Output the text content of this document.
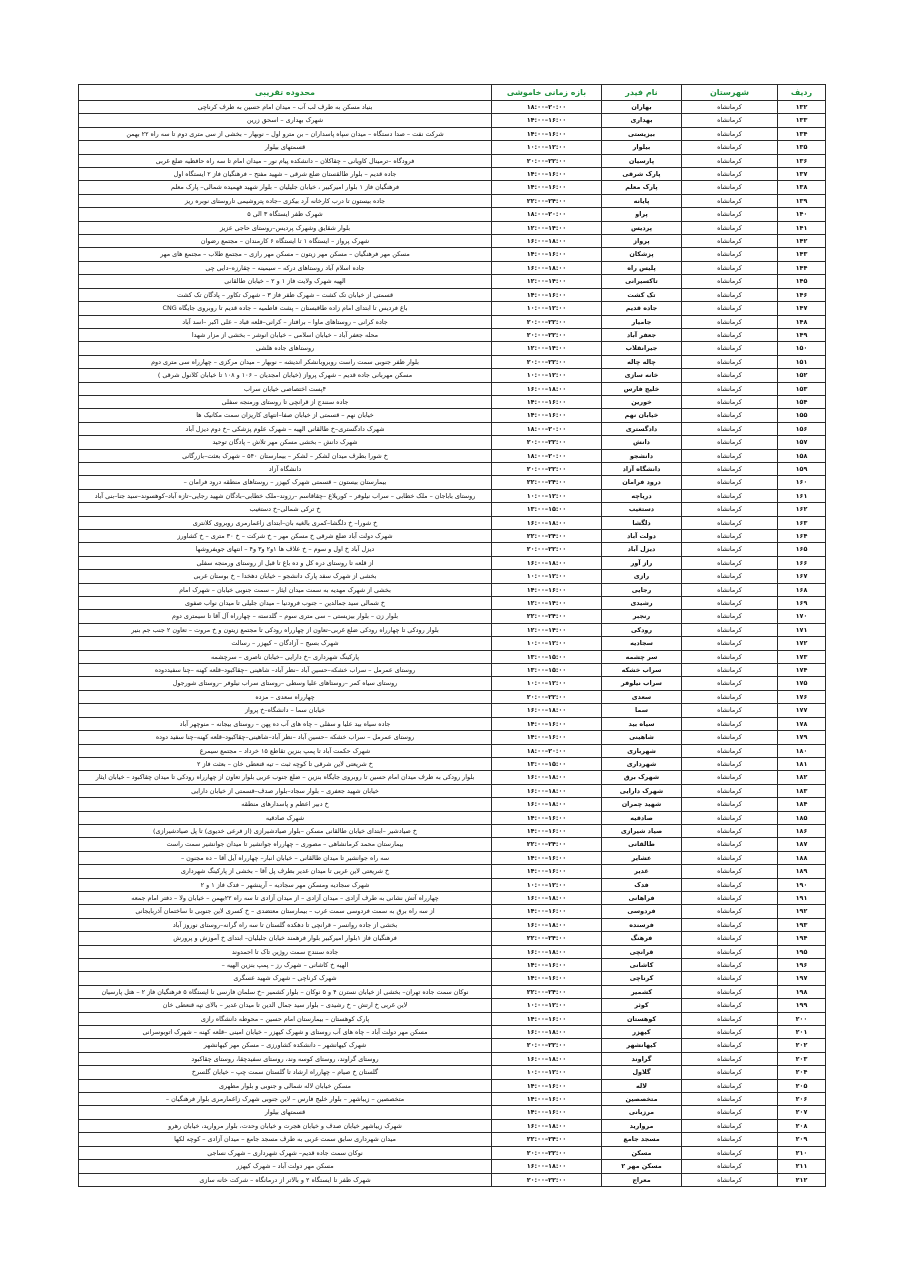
ردیف	شهرستان	نام فیدر	بازه زمانی خاموشی	محدوده تقریبی
۱۳۲	کرمانشاه	بهاران	۱۸:۰۰–۲۰:۰۰	بنیاد مسکن به طرف لب آب – میدان امام حسین به طرف کرناچی
۱۳۳	کرمانشاه	بهداری	۱۴:۰۰–۱۶:۰۰	شهرک بهداری – اسحق زرین
۱۳۴	کرمانشاه	بیزیستی	۱۴:۰۰–۱۶:۰۰	شرکت نفت – صدا دستگاه – میدان سپاه پاسداران – بن مترو اول – نوبهار – بخشی از سی متری دوم تا سه راه ۲۲ بهمن
۱۳۵	کرمانشاه	بیلوار	۱۰:۰۰–۱۲:۰۰	قسمتهای بیلوار
۱۳۶	کرمانشاه	پارسیان	۲۰:۰۰–۲۲:۰۰	فرودگاه –ترمینال کاویانی – چقاکلان – دانشکده پیام نور – میدان امام تا سه راه حافظیه ضلع غربی
۱۳۷	کرمانشاه	پارک شرقی	۱۴:۰۰–۱۶:۰۰	جاده قدیم – بلوار طالقستان ضلع شرقی – شهید مفتح – فرهنگیان فاز ۲ ایستگاه اول
۱۳۸	کرمانشاه	پارک معلم	۱۴:۰۰–۱۶:۰۰	فرهنگیان فاز ۱ بلوار امیرکبیر ، خیابان جلیلیان – بلوار شهید فهمیده شمالی– پارک معلم
۱۳۹	کرمانشاه	پایانه	۲۲:۰۰–۲۴:۰۰	جاده بیستون تا درب کارخانه آرد بیکزی –جاده پتروشیمی تاروستای نوبره ریز
۱۴۰	کرمانشاه	پراو	۱۸:۰۰–۲۰:۰۰	شهرک ظفر ایستگاه ۳ الی ۵
۱۴۱	کرمانشاه	پردیس	۱۲:۰۰–۱۴:۰۰	بلوار شقایق وشهرک پردیس–روستای حاجی عزیز
۱۴۲	کرمانشاه	پرواز	۱۶:۰۰–۱۸:۰۰	شهرک پرواز – ایستگاه ۱ تا ایستگاه ۶ کارمندان – مجتمع رضوان
۱۴۳	کرمانشاه	پزشکان	۱۴:۰۰–۱۶:۰۰	مسکن مهر فرهنگیان – مسکن مهر زیتون – مسکن مهر رازی – مجتمع طلاب – مجتمع های مهر
۱۴۴	کرمانشاه	پلیس راه	۱۶:۰۰–۱۸:۰۰	جاده اسلام آباد روستاهای درکه – سیمینه – چقارزه–دایی چی
۱۴۵	کرمانشاه	تاکسیرانی	۱۲:۰۰–۱۴:۰۰	الهیه شهرک ولایت فاز ۱ و ۲ – خیابان طالقانی
۱۴۶	کرمانشاه	تک کشت	۱۴:۰۰–۱۶:۰۰	قسمتی از خیابان تک کشت – شهرک ظفر فاز ۳ – شهرک تکاور – پادگان تک کشت
۱۴۷	کرمانشاه	جاده قدیم	۱۰:۰۰–۱۲:۰۰	باغ فردیس تا ابتدای امام زاده طاقبستان – پشت فاطمیه – جاده قدیم تا روبروی جایگاه CNG
۱۴۸	کرمانشاه	جامیار	۲۰:۰۰–۲۲:۰۰	جاده کرانی – روستاهای ماوا – برافتار – کرانی–قلعه قباد – علی اکبر –اسد آباد
۱۴۹	کرمانشاه	جعفر آباد	۲۰:۰۰–۲۲:۰۰	محله جعفر آباد – خیابان اسلامی – خیابان انوشر – بخشی از مزار شهدا
۱۵۰	کرمانشاه	جیرانقلاب	۱۲:۰۰–۱۴:۰۰	روستاهای جاده هلشی
۱۵۱	کرمانشاه	چاله چاله	۲۰:۰۰–۲۲:۰۰	بلوار ظفر جنوبی سمت راست روبروبانشکر اندیشه – نوبهار – میدان مرکزی – چهارراه سی متری دوم
۱۵۲	کرمانشاه	خانه سازی	۱۰:۰۰–۱۲:۰۰	مسکن مهربانی جاده قدیم – شهرک پرواز (خیابان امجدیان – ۱۰۶ و ۱۰۸ تا خیابان کلانول شرقی )
۱۵۳	کرمانشاه	خلیج فارس	۱۶:۰۰–۱۸:۰۰	۴پست اختصاصی خیابان سراب
۱۵۴	کرمانشاه	خورین	۱۴:۰۰–۱۶:۰۰	جاده سنندج از قرانچی تا روستای ورمنجه سفلی
۱۵۵	کرمانشاه	خیابان نهم	۱۴:۰۰–۱۶:۰۰	خیابان نهم – قسمتی از خیابان صفا–انتهای کاریزان سمت مکانیک ها
۱۵۶	کرمانشاه	دادگستری	۱۸:۰۰–۲۰:۰۰	شهرک دادگستری–خ طالقانی الهیه – شهرک علوم پزشکی –خ دوم دیزل آباد
۱۵۷	کرمانشاه	دانش	۲۰:۰۰–۲۲:۰۰	شهرک دانش – بخشی مسکن مهر تلاش – پادگان توحید
۱۵۸	کرمانشاه	دانشجو	۱۸:۰۰–۲۰:۰۰	خ شورا بطرف میدان لشکر – لشکر – بیمارستان ۵۴۰ – شهرک بعثت–بازرگانی
۱۵۹	کرمانشاه	دانشگاه آزاد	۲۰:۰۰–۲۲:۰۰	دانشگاه آزاد
۱۶۰	کرمانشاه	درود فرامان	۲۲:۰۰–۲۴:۰۰	بیمارستان بیستون – قسمتی شهرک کیهزر – روستاهای منطقه درود فرامان –
۱۶۱	کرمانشاه	دریاچه	۱۰:۰۰–۱۲:۰۰	روستای باباجان – ملک خطابی – سراب نیلوفر – کوریلاغ –چقاقاسم –رزوند–ملک خطابی–بادگان شهید رجایی–تازه آباد–کوهسوند–سید جنا–بنی آباد
۱۶۲	کرمانشاه	دستغیب	۱۳:۰۰–۱۵:۰۰	خ ترکی شمالی–خ دستغیب
۱۶۳	کرمانشاه	دلگشا	۱۶:۰۰–۱۸:۰۰	خ شورا– خ دلگشا–کمری بالغیه بان–ابتدای زاغمارمری روبروی کلانتری
۱۶۴	کرمانشاه	دولت آباد	۲۲:۰۰–۲۴:۰۰	شهرک دولت آباد ضلع شرقی خ مسکن مهر – خ شرکت – خ ۳۰ متری – خ کشاورز
۱۶۵	کرمانشاه	دیزل آباد	۲۰:۰۰–۲۲:۰۰	دیزل آباد خ اول و سوم – خ علاف ها ۱و۲ و۳ و۴ – انتهای جویفروشها
۱۶۶	کرمانشاه	راز آور	۱۶:۰۰–۱۸:۰۰	از قلعه تا روستای دره کل و ده باغ تا قبل از روستای ورمنجه سفلی
۱۶۷	کرمانشاه	رازی	۱۰:۰۰–۱۲:۰۰	بخشی از شهرک سفد پارک دانشجو – خیابان دهخدا – خ بوستان غربی
۱۶۸	کرمانشاه	رجایی	۱۴:۰۰–۱۶:۰۰	بخشی از شهرک مهدیه به سمت میدان ایثار – سمت جنوبی خیابان – شهرک امام
۱۶۹	کرمانشاه	رشیدی	۱۲:۰۰–۱۴:۰۰	خ شمالی سید جمالدین – جنوب فرودنیا – میدان جلیلی تا میدان نواب صفوی
۱۷۰	کرمانشاه	رنجبر	۲۲:۰۰–۲۴:۰۰	بلوار زن – بلوار بیزیستی – سی متری سوم – گلدسته – چهارراه آل آقا تا سیمتری دوم
۱۷۱	کرمانشاه	رودکی	۱۲:۰۰–۱۴:۰۰	بلوار رودکی تا چهارراه رودکی ضلع غربی–تعاون از چهارراه رودکی تا مجتمع زیتون و خ مروت – تعاون ۲ جنب جم بنیر
۱۷۲	کرمانشاه	سجادیه	۱۰:۰۰–۱۲:۰۰	شهرک بسیج – آزادگان – کیهزر – رسالت
۱۷۳	کرمانشاه	سر چشمه	۱۳:۰۰–۱۵:۰۰	پارکینگ شهرداری –خ دارایی –خیابان ناصری – سرچشمه
۱۷۴	کرمانشاه	سراب خشکه	۱۳:۰۰–۱۵:۰۰	روستای عمرمل – سراب خشکه–حسین آباد –نظر آباد– شاهینی –چقاکبود–قلعه کهنه –چنا سفیددوده
۱۷۵	کرمانشاه	سراب نیلوفر	۱۰:۰۰–۱۲:۰۰	روستای سیاه کمر –روستاهای علیا وسطی –روستای سراب نیلوفر –روستای شورجول
۱۷۶	کرمانشاه	سعدی	۲۰:۰۰–۲۲:۰۰	چهارراه سعدی – مزده
۱۷۷	کرمانشاه	سما	۱۶:۰۰–۱۸:۰۰	خیابان سما – دانشگاه–خ پرواز
۱۷۸	کرمانشاه	سیاه بید	۱۴:۰۰–۱۶:۰۰	جاده سیاه بید علیا و سفلی – چاه های آب ده پهن – روستای بیجانه – منوچهر آباد
۱۷۹	کرمانشاه	شاهینی	۱۴:۰۰–۱۶:۰۰	روستای عمرمل – سراب خشکه –حسین آباد –نظر آباد–شاهینی–چقاکبود–قلعه کهنه–چنا سفید دوده
۱۸۰	کرمانشاه	شهربازی	۱۸:۰۰–۲۰:۰۰	شهرک حکمت آباد تا پمپ بنزین تقاطع ۱۵ خرداد – مجتمع سیمرغ
۱۸۱	کرمانشاه	شهرداری	۱۳:۰۰–۱۵:۰۰	خ شریعتی لاین شرقی تا کوچه ثبت – تیه قنعطی خان – بعثت فاز ۲
۱۸۲	کرمانشاه	شهرک برق	۱۶:۰۰–۱۸:۰۰	بلوار رودکی به طرف میدان امام حسین تا روبروی جایگاه بنزین – ضلع جنوب غربی بلوار تعاون از چهارراه رودکی تا میدان چقاکبود – خیابان ایثار
۱۸۳	کرمانشاه	شهرک دارایی	۱۶:۰۰–۱۸:۰۰	خیابان شهید جعفری – بلوار سجاد–بلوار صدف–قسمتی از خیابان دارایی
۱۸۴	کرمانشاه	شهید چمران	۱۶:۰۰–۱۸:۰۰	خ دبیر اعظم و پاسدارهای منطقه
۱۸۵	کرمانشاه	صادقیه	۱۴:۰۰–۱۶:۰۰	شهرک صادقیه
۱۸۶	کرمانشاه	صیاد شیرازی	۱۴:۰۰–۱۶:۰۰	خ صیادشیر –ابتدای خیابان طالقانی مسکن –بلوار صیادشیرازی (از فرعی خدیوی) تا پل صیادشیرازی)
۱۸۷	کرمانشاه	طالقانی	۲۲:۰۰–۲۴:۰۰	بیمارستان محمد کرمانشاهی – مصوری – چهارراه جوانشیر تا میدان جوانشیر سمت راست
۱۸۸	کرمانشاه	عشایر	۱۴:۰۰–۱۶:۰۰	سه راه جوانشیر تا میدان طالقانی – خیابان انبار– چهارراه آیل آقا – ده مجنون –
۱۸۹	کرمانشاه	غدیر	۱۴:۰۰–۱۶:۰۰	خ شریعتی لاین غربی تا میدان غدیر بطرف پل آقا – بخشی از پارکینگ شهرداری
۱۹۰	کرمانشاه	فدک	۱۰:۰۰–۱۲:۰۰	شهرک سجادیه ومسکن مهر سجادیه – آرینشهر – فدک فاز ۱ و ۲
۱۹۱	کرمانشاه	فراهانی	۱۶:۰۰–۱۸:۰۰	چهارراه آتش نشانی به طرف آزادی – میدان آزادی – از میدان آزادی تا سه راه ۲۲بهمن – خیابان ولا – دفتر امام جمعه
۱۹۲	کرمانشاه	فردوسی	۱۴:۰۰–۱۶:۰۰	از سه راه برق به سمت فردوسی سمت غرب – بیمارستان معتضدی – خ کسری لاین جنوبی تا ساختمان آذربایجانی
۱۹۳	کرمانشاه	فرسنده	۱۶:۰۰–۱۸:۰۰	بخشی از جاده روانسر – قرانچی تا دهکده گلستان تا سه راه گرانه–روستای نوروز آباد
۱۹۴	کرمانشاه	فرهنگ	۲۲:۰۰–۲۴:۰۰	فرهنگیان فاز ۱بلوار امیرکبیر بلوار فرهمند خیابان جلیلیان– ابتدای خ آموزش و پرورش
۱۹۵	کرمانشاه	قرانچی	۱۶:۰۰–۱۸:۰۰	جاده سنندج سمت روژین تاک تا احمدوند
۱۹۶	کرمانشاه	کاشانی	۱۴:۰۰–۱۶:۰۰	الهیه خ کاشانی – شهرک رز – پمپ بنزین الهیه –
۱۹۷	کرمانشاه	کرناچی	۱۴:۰۰–۱۶:۰۰	شهرک کرناچی – شهرک شهید عسگری
۱۹۸	کرمانشاه	کشمیر	۲۲:۰۰–۲۴:۰۰	نوکان سمت جاده تهران– بخشی از خیابان نسترن ۴ و ۵ نوکان – بلوار کشمیر –خ سلمان فارسی تا ایستگاه ۵ فرهنگیان فاز ۲ – هتل پارسیان
۱۹۹	کرمانشاه	کوثر	۱۰:۰۰–۱۲:۰۰	لاین غربی خ ارتش – خ رشیدی – بلوار سید جمال الدین تا میدان غدیر – بالای تپه قنعطی خان
۲۰۰	کرمانشاه	کوهستان	۱۴:۰۰–۱۶:۰۰	پارک کوهستان – بیمارستان امام حسین – محوطه دانشگاه رازی
۲۰۱	کرمانشاه	کیهزر	۱۶:۰۰–۱۸:۰۰	مسکن مهر دولت آباد – چاه های آب روستای و شهرک کیهزر – خیابان امینی –قلعه کهنه – شهرک اتوبوسرانی
۲۰۲	کرمانشاه	کیهانشهر	۲۰:۰۰–۲۲:۰۰	شهرک کیهانشهر – دانشکده کشاورزی – مسکن مهر کیهانشهر
۲۰۳	کرمانشاه	گراوند	۱۶:۰۰–۱۸:۰۰	روستای گراوند، روستای کوسه وند، روستای سفیدچقا، روستای چقاکبود
۲۰۴	کرمانشاه	گلاول	۱۰:۰۰–۱۲:۰۰	گلستان خ صیام – چهارراه ارشاد تا گلستان سمت چپ – خیابان گلسرخ
۲۰۵	کرمانشاه	لاله	۱۴:۰۰–۱۶:۰۰	مسکن خیابان لاله شمالی و جنوبی و بلوار مطهری
۲۰۶	کرمانشاه	متخصصین	۱۴:۰۰–۱۶:۰۰	متخصصین – زیباشهر – بلوار خلیج فارس – لاین جنوبی شهرک زاغمارمری بلوار فرهنگیان –
۲۰۷	کرمانشاه	مرزبانی	۱۴:۰۰–۱۶:۰۰	قسمتهای بیلوار
۲۰۸	کرمانشاه	مروارید	۱۶:۰۰–۱۸:۰۰	شهرک زیباشهر خیابان صدف و خیابان هجرت و خیابان وحدت، بلوار مروارید، خیابان رهرو
۲۰۹	کرمانشاه	مسجد جامع	۲۲:۰۰–۲۴:۰۰	میدان شهرداری سابق سمت غربی به طرف مسجد جامع – میدان آزادی – کوچه لکها
۲۱۰	کرمانشاه	مسکن	۲۰:۰۰–۲۲:۰۰	نوکان سمت جاده قدیم– شهرک شهرداری – شهرک نساجی
۲۱۱	کرمانشاه	مسکن مهر ۲	۱۶:۰۰–۱۸:۰۰	مسکن مهر دولت آباد – شهرک کیهزر
۲۱۲	کرمانشاه	معراج	۲۰:۰۰–۲۲:۰۰	شهرک ظفر تا ایستگاه ۲ و بالاتر از درمانگاه – شرکت خانه سازی
